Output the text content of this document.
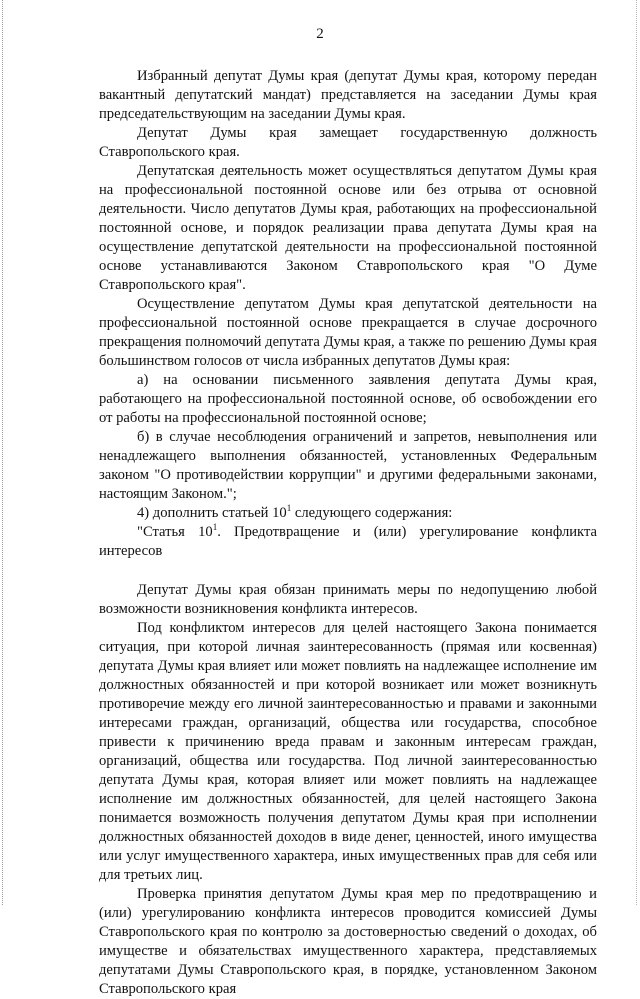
2

Избранный депутат Думы края (депутат Думы края, которому передан вакантный депутатский мандат) представляется на заседании Думы края председательствующим на заседании Думы края.

Депутат Думы края замещает государственную должность Ставропольского края.

Депутатская деятельность может осуществляться депутатом Думы края на профессиональной постоянной основе или без отрыва от основной деятельности. Число депутатов Думы края, работающих на профессиональной постоянной основе, и порядок реализации права депутата Думы края на осуществление депутатской деятельности на профессиональной постоянной основе устанавливаются Законом Ставропольского края "О Думе Ставропольского края".

Осуществление депутатом Думы края депутатской деятельности на профессиональной постоянной основе прекращается в случае досрочного прекращения полномочий депутата Думы края, а также по решению Думы края большинством голосов от числа избранных депутатов Думы края:

а) на основании письменного заявления депутата Думы края, работающего на профессиональной постоянной основе, об освобождении его от работы на профессиональной постоянной основе;

б) в случае несоблюдения ограничений и запретов, невыполнения или ненадлежащего выполнения обязанностей, установленных Федеральным законом "О противодействии коррупции" и другими федеральными законами, настоящим Законом.";

4) дополнить статьей $10^1$ следующего содержания:

"Статья $10^1$. Предотвращение и (или) урегулирование конфликта интересов

Депутат Думы края обязан принимать меры по недопущению любой возможности возникновения конфликта интересов.

Под конфликтом интересов для целей настоящего Закона понимается ситуация, при которой личная заинтересованность (прямая или косвенная) депутата Думы края влияет или может повлиять на надлежащее исполнение им должностных обязанностей и при которой возникает или может возникнуть противоречие между его личной заинтересованностью и правами и законными интересами граждан, организаций, общества или государства, способное привести к причинению вреда правам и законным интересам граждан, организаций, общества или государства. Под личной заинтересованностью депутата Думы края, которая влияет или может повлиять на надлежащее исполнение им должностных обязанностей, для целей настоящего Закона понимается возможность получения депутатом Думы края при исполнении должностных обязанностей доходов в виде денег, ценностей, иного имущества или услуг имущественного характера, иных имущественных прав для себя или для третьих лиц.

Проверка принятия депутатом Думы края мер по предотвращению и (или) урегулированию конфликта интересов проводится комиссией Думы Ставропольского края по контролю за достоверностью сведений о доходах, об имуществе и обязательствах имущественного характера, представляемых депутатами Думы Ставропольского края, в порядке, установленном Законом Ставропольского края
